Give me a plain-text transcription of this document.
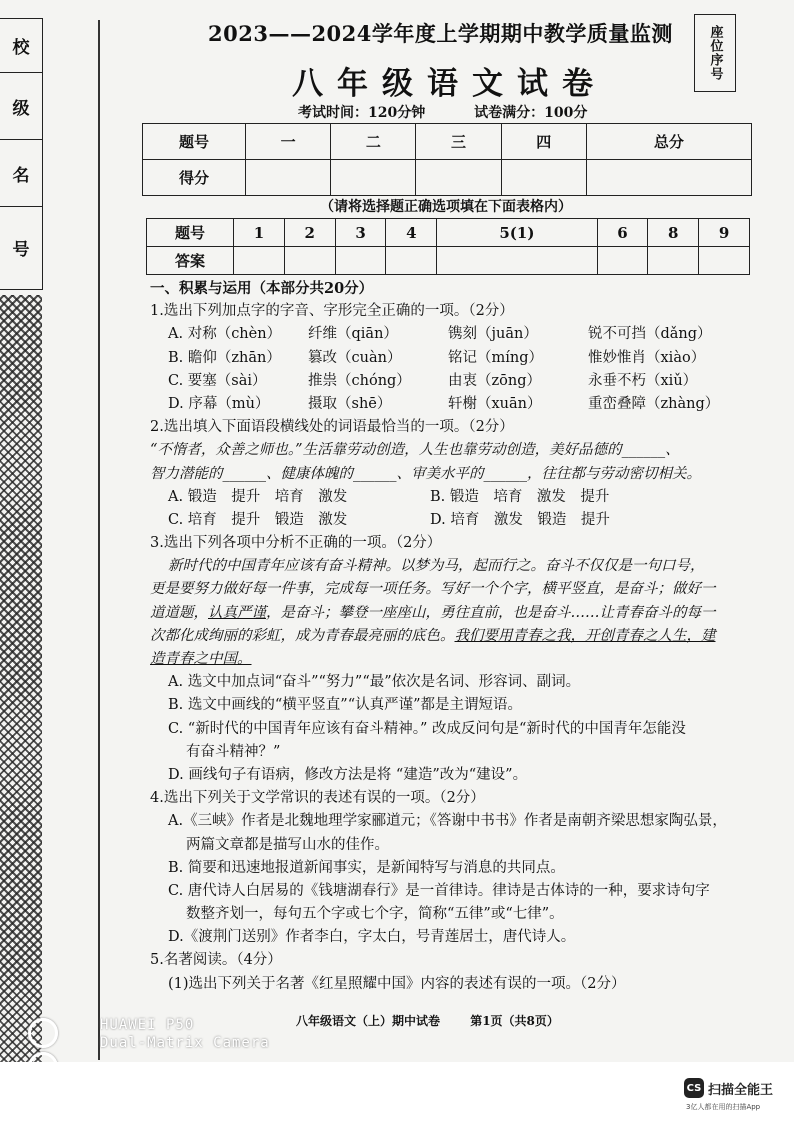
校
级
名
号
座位序号
2023——2024学年度上学期期中教学质量监测
八年级语文试卷
考试时间：120分钟	试卷满分：100分
题号	一	二	三	四	总分
得分					
（请将选择题正确选项填在下面表格内）
题号	1	2	3	4	5(1)	6	8	9
答案								

一、积累与运用（本部分共20分）

1.选出下列加点字的字音、字形完全正确的一项。（2分）

A. 对称（chèn）	纤维（qiān）	镌刻（juān）	锐不可挡（dǎng）

B. 瞻仰（zhān）	篡改（cuàn）	铭记（míng）	惟妙惟肖（xiào）

C. 要塞（sài）	推祟（chóng）	由衷（zōng）	永垂不朽（xiǔ）

D. 序幕（mù）	摄取（shē）	轩榭（xuān）	重峦叠障（zhàng）

2.选出填入下面语段横线处的词语最恰当的一项。（2分）

“不惰者，众善之师也。”生活靠劳动创造，人生也靠劳动创造，美好品德的______、

智力潜能的______、健康体魄的______、审美水平的______，往往都与劳动密切相关。

A. 锻造　提升　培育　激发	B. 锻造　培育　激发　提升

C. 培育　提升　锻造　激发	D. 培育　激发　锻造　提升

3.选出下列各项中分析不正确的一项。（2分）

新时代的中国青年应该有奋斗精神。以梦为马，起而行之。奋斗不仅仅是一句口号，

更是要努力做好每一件事，完成每一项任务。写好一个个字，横平竖直，是奋斗；做好一

道道题，认真严谨，是奋斗；攀登一座座山，勇往直前，也是奋斗……让青春奋斗的每一

次都化成绚丽的彩虹，成为青春最亮丽的底色。我们要用青春之我，开创青春之人生，建

造青春之中国。

A. 选文中加点词“奋斗”“努力”“最”依次是名词、形容词、副词。

B. 选文中画线的“横平竖直”“认真严谨”都是主谓短语。

C. “新时代的中国青年应该有奋斗精神。” 改成反问句是“新时代的中国青年怎能没

有奋斗精神？”

D. 画线句子有语病，修改方法是将 “建造”改为“建设”。

4.选出下列关于文学常识的表述有误的一项。（2分）

A.《三峡》作者是北魏地理学家郦道元；《答谢中书书》作者是南朝齐梁思想家陶弘景，

两篇文章都是描写山水的佳作。

B. 简要和迅速地报道新闻事实，是新闻特写与消息的共同点。

C. 唐代诗人白居易的《钱塘湖春行》是一首律诗。律诗是古体诗的一种，要求诗句字

数整齐划一，每句五个字或七个字，简称“五律”或“七律”。

D.《渡荆门送别》作者李白，字太白，号青莲居士，唐代诗人。

5.名著阅读。（4分）

(1)选出下列关于名著《红星照耀中国》内容的表述有误的一项。（2分）

八年级语文（上）期中试卷	第1页（共8页）
HUAWEI P50
Dual-Matrix Camera
CS 扫描全能王
3亿人都在用的扫描App
